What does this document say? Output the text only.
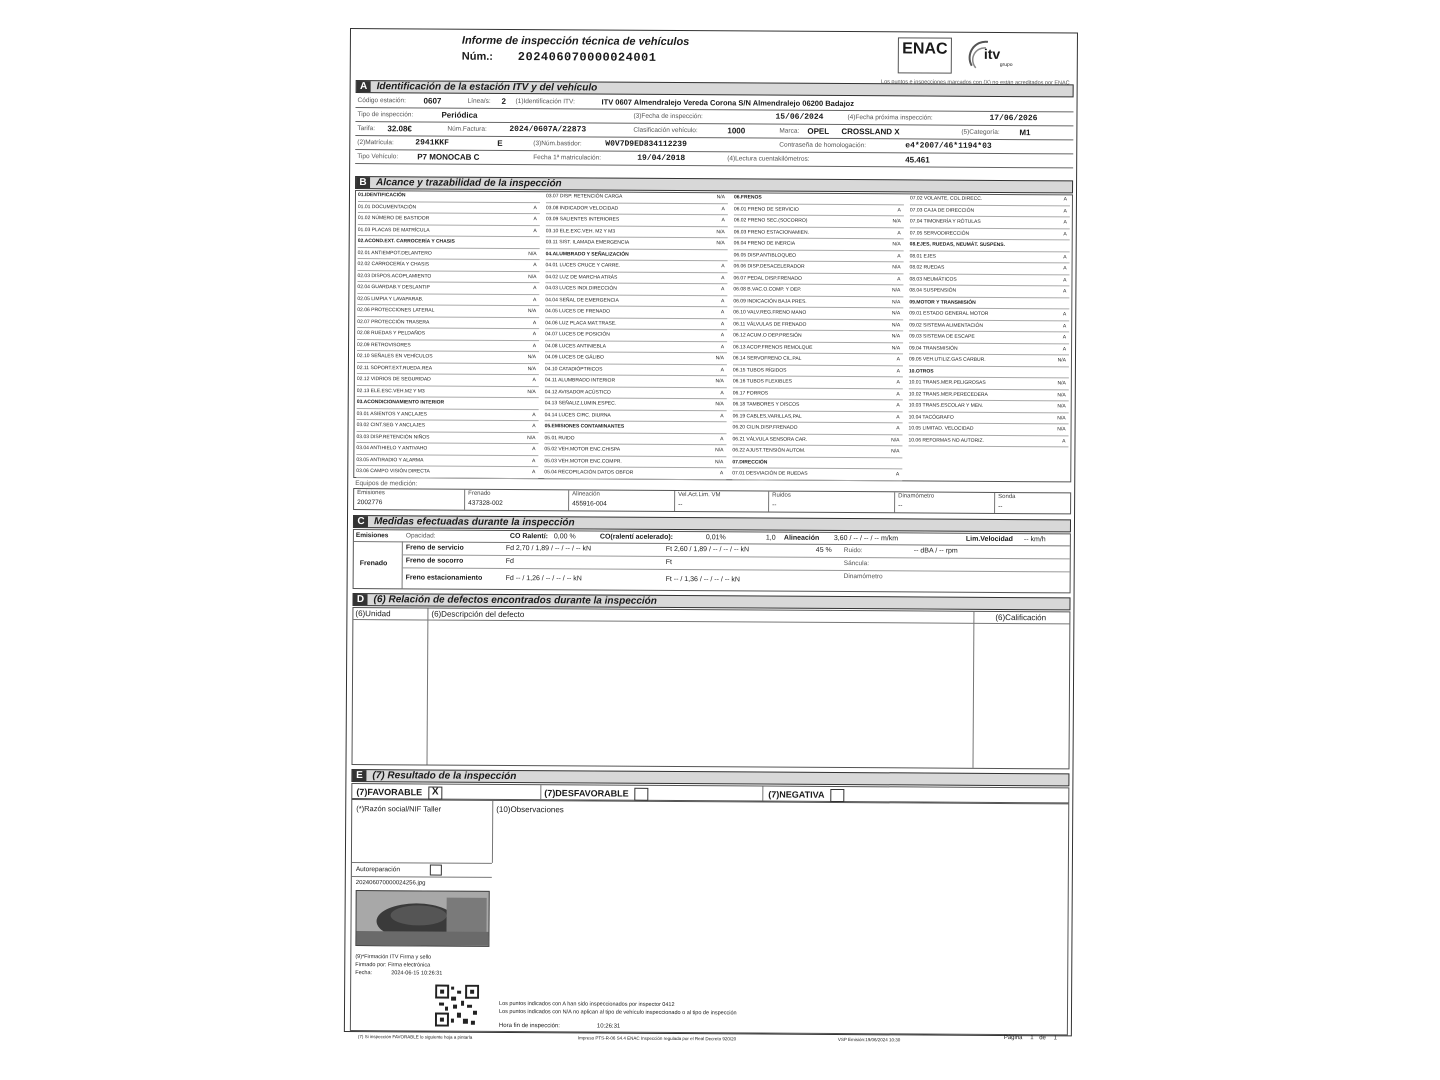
Informe de inspección técnica de vehículos
Núm.: 202406070000024001	ENAC	itv
grupo
A Identificación de la estación ITV y del vehículo	Los puntos e inspecciones marcados con (X) no están acreditados por ENAC
Código estación: 0607	Línea/s: 2 (1)Identificación ITV:	ITV 0607 Almendralejo Vereda Corona S/N Almendralejo 06200 Badajoz
Tipo de inspección:	Periódica	(3)Fecha de inspección:	15/06/2024	(4)Fecha próxima inspección:	17/06/2026
Tarifa: 32.08€	Núm.Factura:	2024/0607A/22873	Clasificación vehículo:	1000	Marca: OPEL CROSSLAND X	(5)Categoría: M1
(2)Matrícula:	2941KKF	E	(3)Núm.bastidor:	W0V7D9ED834112239	Contraseña de homologación:	e4*2007/46*1194*03
Tipo Vehículo: P7 MONOCAB C	Fecha 1ª matriculación:	19/04/2018	(4)Lectura cuentakilómetros:	45.461
B Alcance y trazabilidad de la inspección
01.IDENTIFICACIÓN
01.01 DOCUMENTACIÓN	A
01.02 NÚMERO DE BASTIDOR	A
01.03 PLACAS DE MATRÍCULA	A
02.ACOND.EXT. CARROCERÍA Y CHASIS
02.01 ANTIEMPOT.DELANTERO	N/A
02.02 CARROCERÍA Y CHASIS	A
02.03 DISPOS.ACOPLAMIENTO	N/A
02.04 GUARDAB.Y DESLANTIP	A
02.05 LIMPIA Y LAVAPARAB.	A
02.06 PROTECCIONES LATERAL	N/A
02.07 PROTECCIÓN TRASERA	A
02.08 RUEDAS Y PELDAÑOS	A
02.09 RETROVISORES	A
02.10 SEÑALES EN VEHÍCULOS	N/A
02.11 SOPORT.EXT.RUEDA.REA	N/A
02.12 VIDRIOS DE SEGURIDAD	A
02.13 ELE.ESC.VEH.M2 Y M3	N/A
03.ACONDICIONAMIENTO INTERIOR
03.01 ASIENTOS Y ANCLAJES	A
03.02 CINT.SEG Y ANCLAJES	A
03.03 DISP.RETENCIÓN NIÑOS	N/A
03.04 ANTIHIELO Y ANTIVAHO	A
03.05 ANTIRADIO Y ALARMA	A
03.06 CAMPO VISIÓN DIRECTA	A
03.07 DISP. RETENCIÓN CARGA	N/A
03.08 INDICADOR VELOCIDAD	A
03.09 SALIENTES INTERIORES	A
03.10 ELE.EXC.VEH. M2 Y M3	N/A
03.11 SIST. ILAMADA EMERGENCIA	N/A
04.ALUMBRADO Y SEÑALIZACIÓN
04.01 LUCES CRUCE Y CARRE.	A
04.02 LUZ DE MARCHA ATRÁS	A
04.03 LUCES INDI.DIRECCIÓN	A
04.04 SEÑAL DE EMERGENCIA	A
04.05 LUCES DE FRENADO	A
04.06 LUZ PLACA MAT.TRASE.	A
04.07 LUCES DE POSICIÓN	A
04.08 LUCES ANTINIEBLA	A
04.09 LUCES DE GÁLIBO	N/A
04.10 CATADIÓPTRICOS	A
04.11 ALUMBRADO INTERIOR	N/A
04.12 AVISADOR ACÚSTICO	A
04.13 SEÑALIZ.LUMIN.ESPEC.	N/A
04.14 LUCES CIRC. DIURNA	A
05.EMISIONES CONTAMINANTES
05.01 RUIDO	A
05.02 VEH.MOTOR ENC.CHISPA	N/A
05.03 VEH.MOTOR ENC.COMPR.	N/A
05.04 RECOPILACIÓN DATOS OBFOR	A
06.FRENOS
06.01 FRENO DE SERVICIO	A
06.02 FRENO SEC.(SOCORRO)	N/A
06.03 FRENO ESTACIONAMIEN.	A
06.04 FRENO DE INERCIA	N/A
06.05 DISP.ANTIBLOQUEO	A
06.06 DISP.DESACELERADOR	N/A
06.07 PEDAL DISP.FRENADO	A
06.08 B.VAC.O.COMP. Y DEP.	N/A
06.09 INDICACIÓN BAJA PRES.	N/A
06.10 VALV.REG.FRENO MANO	N/A
06.11 VÁLVULAS DE FRENADO	N/A
06.12 ACUM.O DEP.PRESIÓN	N/A
06.13 ACOP.FRENOS REMOLQUE	N/A
06.14 SERVOFRENO CIL.PAL	A
06.15 TUBOS RÍGIDOS	A
06.16 TUBOS FLEXIBLES	A
06.17 FORROS	A
06.18 TAMBORES Y DISCOS	A
06.19 CABLES,VARILLAS,PAL	A
06.20 CILIN.DISP.FRENADO	A
06.21 VÁLVULA SENSORA CAR.	N/A
06.22 AJUST.TENSIÓN AUTOM.	N/A
07.DIRECCIÓN
07.01 DESVIACIÓN DE RUEDAS	A
07.02 VOLANTE, COL.DIRECC.	A
07.03 CAJA DE DIRECCIÓN	A
07.04 TIMONERÍA Y RÓTULAS	A
07.05 SERVODIRECCIÓN	A
08.EJES, RUEDAS, NEUMÁT. SUSPENS.
08.01 EJES	A
08.02 RUEDAS	A
08.03 NEUMÁTICOS	A
08.04 SUSPENSIÓN	A
09.MOTOR Y TRANSMISIÓN
09.01 ESTADO GENERAL MOTOR	A
09.02 SISTEMA ALIMENTACIÓN	A
09.03 SISTEMA DE ESCAPE	A
09.04 TRANSMISIÓN	A
09.05 VEH.UTILIZ.GAS CARBUR.	N/A
10.OTROS
10.01 TRANS.MER.PELIGROSAS	N/A
10.02 TRANS.MER.PERECEDERA	N/A
10.03 TRANS.ESCOLAR Y MEN.	N/A
10.04 TACÓGRAFO	N/A
10.05 LIMITAD. VELOCIDAD	N/A
10.06 REFORMAS NO AUTORIZ.	A
Equipos de medición:
Emisiones
2002776
Frenado
437328-002
Alineación
455916-004
Vel.Act.Lim. VM
--
Ruidos
--
Dinamómetro
--
Sonda
--
C Medidas efectuadas durante la inspección
Emisiones	Opacidad:	CO Ralentí: 0,00 %	CO(ralentí acelerado):	0,01%	1,0 Alineación 3,60 / -- / -- / -- m/km	Lim.Velocidad -- km/h
Frenado
Freno de servicio	Fd 2,70 / 1,89 / -- / -- / -- kN	Ft 2,60 / 1,89 / -- / -- / -- kN	45 % Ruido:	-- dBA / -- rpm
Freno de socorro	Fd	Ft	Sáncula:
Freno estacionamiento	Fd -- / 1,26 / -- / -- / -- kN	Ft -- / 1,36 / -- / -- / -- kN	Dinamómetro
D (6) Relación de defectos encontrados durante la inspección
(6)Unidad	(6)Descripción del defecto	(6)Calificación
E (7) Resultado de la inspección
(7)FAVORABLE X	(7)DESFAVORABLE	(7)NEGATIVA
(*)Razón social/NIF Taller	(10)Observaciones
Autoreparación
202406070000024256.jpg
(9)*Firmación ITV Firma y sello
Firmado por: Firma electrónica
Fecha:	2024-06-15 10:26:31
Los puntos indicados con A han sido inspeccionados por inspector 0412
Los puntos indicados con N/A no aplican al tipo de vehículo inspeccionado o al tipo de inspección
Hora fin de inspección:	10:26:31
(7) Si inspección FAVORABLE lo siguiente hoja a pintarla	Impreso PTS-R-06 S4.4 ENAC Inspección regulada por el Real Decreto 920/20	VSP Emisión:19/06/2024 10:30	Página 1 de 1
